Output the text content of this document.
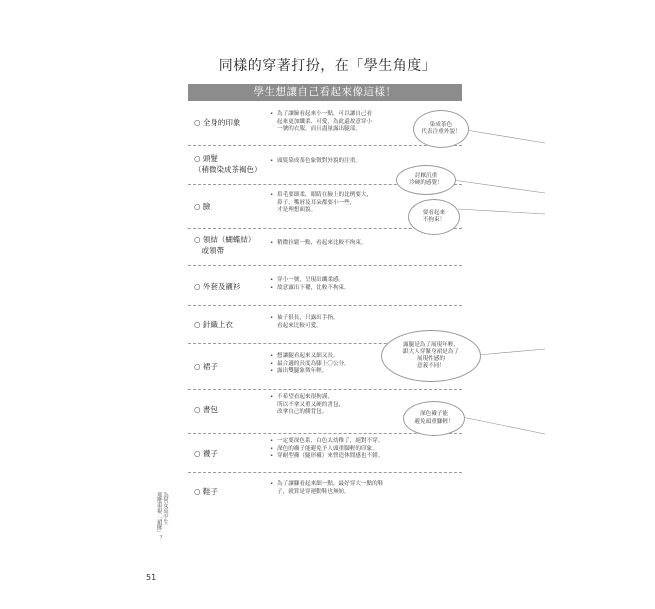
同樣的穿著打扮，在「學生角度」
學生想讓自己看起來像這樣！
○ 全身的印象
• 為了讓臉看起來小一點，可以讓自己看
起來更加纖柔、可愛，為此還故意穿小
一號的衣服，而且盡量露出腿部。
○ 頭髮
（稍微染成茶褐色）
• 頭髮染成茶色象徵對外貌的注重。
○ 臉
• 眉毛要細柔，眼睛在臉上的比例要大，
鼻子、嘴唇及耳朵都要小一些，
才是理想面貌。
○ 領結（蝴蝶結）
　或領帶
• 稍微拉鬆一點，看起來比較不拘束。
○ 外套及襯衫
• 穿小一號，呈現出纖柔感。
• 故意露出下襬，比較不拘束。
○ 針織上衣
• 袖子很長，只露出手指，
看起來比較可愛。
○ 裙子
• 想讓腿看起來又細又長。
• 最合適的長度為膝上〇公分。
• 露出雙腿象徵年輕。
○ 書包
• 不希望看起來很拘謹，
所以不拿又重又硬的書包，
改拿自己的側背包。
○ 襪子
• 一定要深色系，白色太幼稚了，絕對不穿。
• 深色的襪子能避免予人頭重腳輕的印象。
• 穿耐型襪（腿形襪）來營造休閒感也不錯。
○ 鞋子
• 為了讓腳看起來細一點，最好穿大一點的鞋
子，就算是穿運動鞋也無妨。
染成茶色
代表注重外貌！
討厭沉重
冷硬的感覺！
要看起來
不拘束！
露腿是為了展現年輕，
跟大人穿緊身裙是為了
展現性感的
意義不同！
深色襪子能
避免頭重腳輕！
為何女高中生
那麼重視「裙擺」？
51
